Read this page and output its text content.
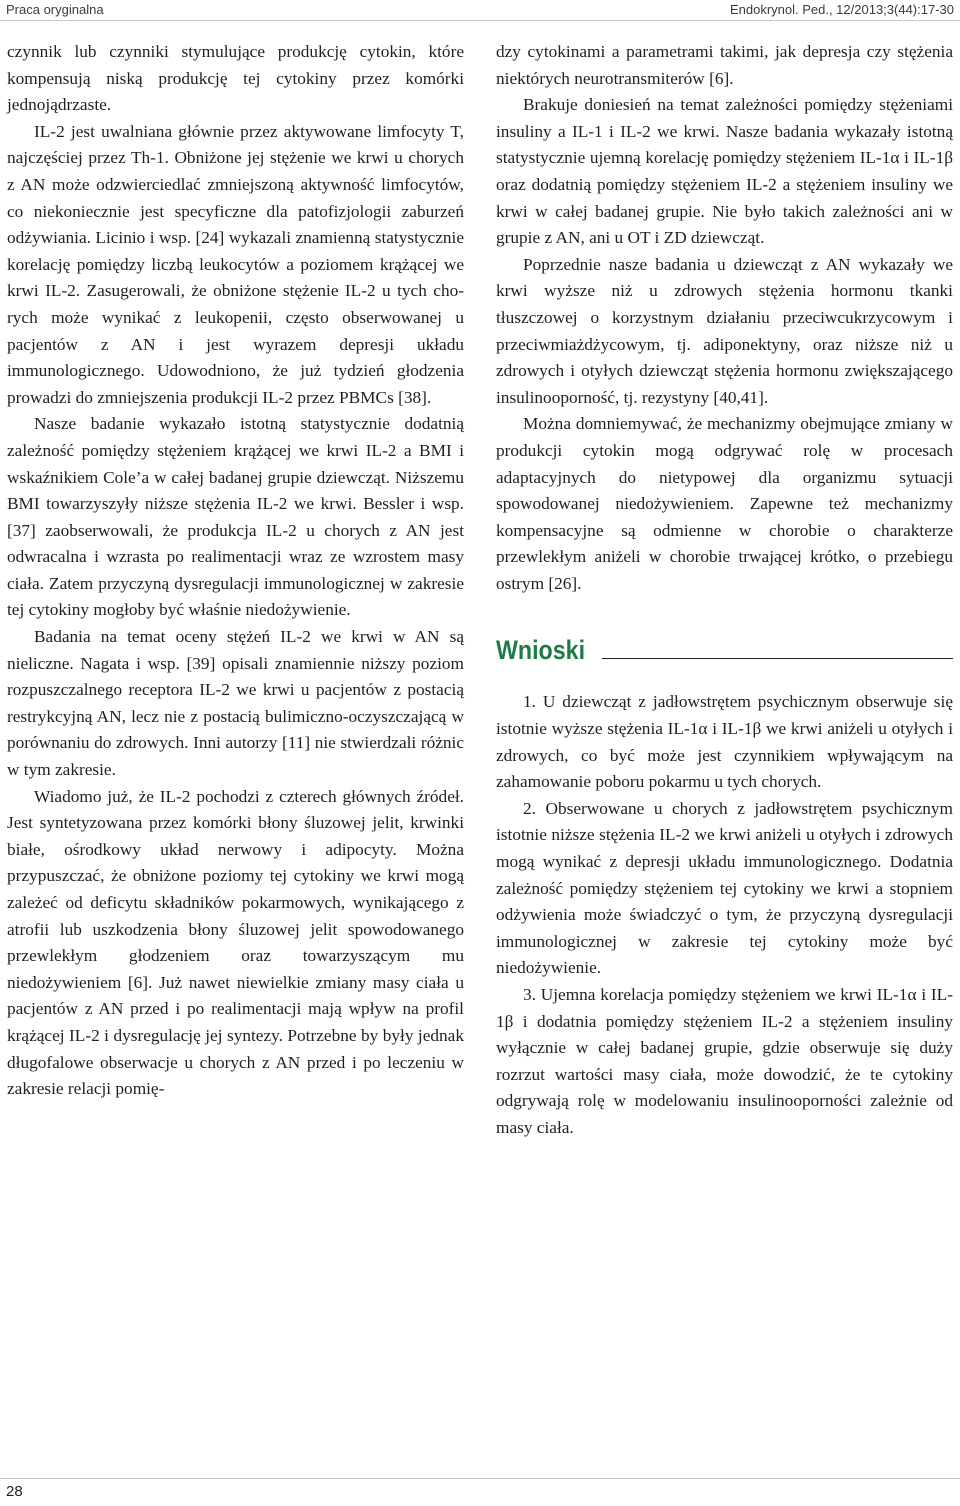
Praca oryginalna	Endokrynol. Ped., 12/2013;3(44):17-30

czynnik lub czynniki stymulujące produkcję cytokin, które kompensują niską produkcję tej cytokiny przez komórki jednojądrzaste.

IL-2 jest uwalniana głównie przez aktywowane limfocyty T, najczęściej przez Th-1. Obniżone jej stężenie we krwi u chorych z AN może odzwierciedlać zmniejszoną aktywność limfocytów, co niekoniecznie jest specyficzne dla patofizjologii zaburzeń odżywiania. Licinio i wsp. [24] wykazali znamienną statystycznie korelację pomiędzy liczbą leukocytów a poziomem krążącej we krwi IL-2. Zasugerowali, że obniżone stężenie IL-2 u tych chorych może wynikać z leukopenii, często obserwowanej u pacjentów z AN i jest wyrazem depresji układu immunologicznego. Udowodniono, że już tydzień głodzenia prowadzi do zmniejszenia produkcji IL-2 przez PBMCs [38].

Nasze badanie wykazało istotną statystycznie dodatnią zależność pomiędzy stężeniem krążącej we krwi IL-2 a BMI i wskaźnikiem Cole’a w całej badanej grupie dziewcząt. Niższemu BMI towarzyszyły niższe stężenia IL-2 we krwi. Bessler i wsp. [37] zaobserwowali, że produkcja IL-2 u chorych z AN jest odwracalna i wzrasta po realimentacji wraz ze wzrostem masy ciała. Zatem przyczyną dysregulacji immunologicznej w zakresie tej cytokiny mogłoby być właśnie niedożywienie.

Badania na temat oceny stężeń IL-2 we krwi w AN są nieliczne. Nagata i wsp. [39] opisali znamiennie niższy poziom rozpuszczalnego receptora IL-2 we krwi u pacjentów z postacią restrykcyjną AN, lecz nie z postacią bulimiczno-oczyszczającą w porównaniu do zdrowych. Inni autorzy [11] nie stwierdzali różnic w tym zakresie.

Wiadomo już, że IL-2 pochodzi z czterech głównych źródeł. Jest syntetyzowana przez komórki błony śluzowej jelit, krwinki białe, ośrodkowy układ nerwowy i adipocyty. Można przypuszczać, że obniżone poziomy tej cytokiny we krwi mogą zależeć od deficytu składników pokarmowych, wynikającego z atrofii lub uszkodzenia błony śluzowej jelit spowodowanego przewlekłym głodzeniem oraz towarzyszącym mu niedożywieniem [6]. Już nawet niewielkie zmiany masy ciała u pacjentów z AN przed i po realimentacji mają wpływ na profil krążącej IL-2 i dysregulację jej syntezy. Potrzebne by były jednak długofalowe obserwacje u chorych z AN przed i po leczeniu w zakresie relacji pomię-

dzy cytokinami a parametrami takimi, jak depresja czy stężenia niektórych neurotransmiterów [6].

Brakuje doniesień na temat zależności pomiędzy stężeniami insuliny a IL-1 i IL-2 we krwi. Nasze badania wykazały istotną statystycznie ujemną korelację pomiędzy stężeniem IL-1α i IL-1β oraz dodatnią pomiędzy stężeniem IL-2 a stężeniem insuliny we krwi w całej badanej grupie. Nie było takich zależności ani w grupie z AN, ani u OT i ZD dziewcząt.

Poprzednie nasze badania u dziewcząt z AN wykazały we krwi wyższe niż u zdrowych stężenia hormonu tkanki tłuszczowej o korzystnym działaniu przeciwcukrzycowym i przeciwmiażdżycowym, tj. adiponektyny, oraz niższe niż u zdrowych i otyłych dziewcząt stężenia hormonu zwiększającego insulinooporność, tj. rezystyny [40,41].

Można domniemywać, że mechanizmy obejmujące zmiany w produkcji cytokin mogą odgrywać rolę w procesach adaptacyjnych do nietypowej dla organizmu sytuacji spowodowanej niedożywieniem. Zapewne też mechanizmy kompensacyjne są odmienne w chorobie o charakterze przewlekłym aniżeli w chorobie trwającej krótko, o przebiegu ostrym [26].

Wnioski

1. U dziewcząt z jadłowstrętem psychicznym obserwuje się istotnie wyższe stężenia IL-1α i IL-1β we krwi aniżeli u otyłych i zdrowych, co być może jest czynnikiem wpływającym na zahamowanie poboru pokarmu u tych chorych.

2. Obserwowane u chorych z jadłowstrętem psychicznym istotnie niższe stężenia IL-2 we krwi aniżeli u otyłych i zdrowych mogą wynikać z depresji układu immunologicznego. Dodatnia zależność pomiędzy stężeniem tej cytokiny we krwi a stopniem odżywienia może świadczyć o tym, że przyczyną dysregulacji immunologicznej w zakresie tej cytokiny może być niedożywienie.

3. Ujemna korelacja pomiędzy stężeniem we krwi IL-1α i IL-1β i dodatnia pomiędzy stężeniem IL-2 a stężeniem insuliny wyłącznie w całej badanej grupie, gdzie obserwuje się duży rozrzut wartości masy ciała, może dowodzić, że te cytokiny odgrywają rolę w modelowaniu insulinooporności zależnie od masy ciała.

28
